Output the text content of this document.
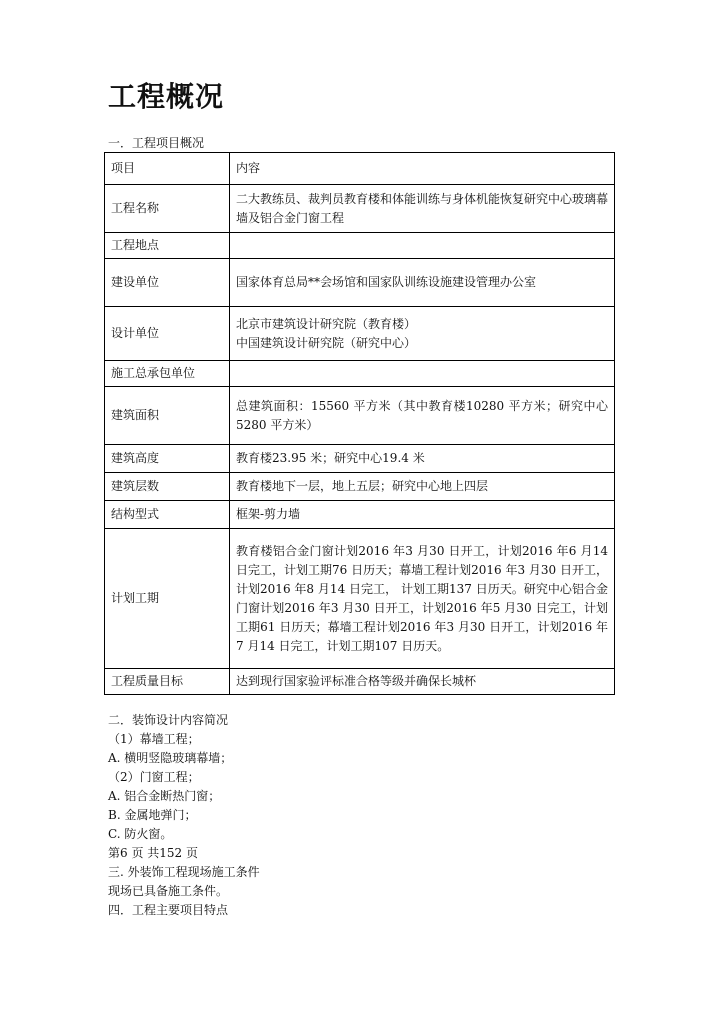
工程概况
一．工程项目概况
项目	内容
工程名称	二大教练员、裁判员教育楼和体能训练与身体机能恢复研究中心玻璃幕墙及铝合金门窗工程
工程地点	
建设单位	国家体育总局**会场馆和国家队训练设施建设管理办公室
设计单位	北京市建筑设计研究院（教育楼）
中国建筑设计研究院（研究中心）

施工总承包单位	
建筑面积	总建筑面积：15560 平方米（其中教育楼10280 平方米；研究中心5280 平方米）
建筑高度	教育楼23.95 米；研究中心19.4 米
建筑层数	教育楼地下一层，地上五层；研究中心地上四层
结构型式	框架-剪力墙
计划工期	教育楼铝合金门窗计划2016 年3 月30 日开工，计划2016 年6 月14 日完工，计划工期76 日历天；幕墙工程计划2016 年3 月30 日开工，计划2016 年8 月14 日完工， 计划工期137 日历天。研究中心铝合金门窗计划2016 年3 月30 日开工，计划2016 年5 月30 日完工，计划工期61 日历天；幕墙工程计划2016 年3 月30 日开工，计划2016 年7 月14 日完工，计划工期107 日历天。
工程质量目标	达到现行国家验评标准合格等级并确保长城杯
二．装饰设计内容简况
（1）幕墙工程；
A. 横明竖隐玻璃幕墙；
（2）门窗工程；
A. 铝合金断热门窗；
B. 金属地弹门；
C. 防火窗。
第6 页 共152 页
三. 外装饰工程现场施工条件
现场已具备施工条件。
四．工程主要项目特点
